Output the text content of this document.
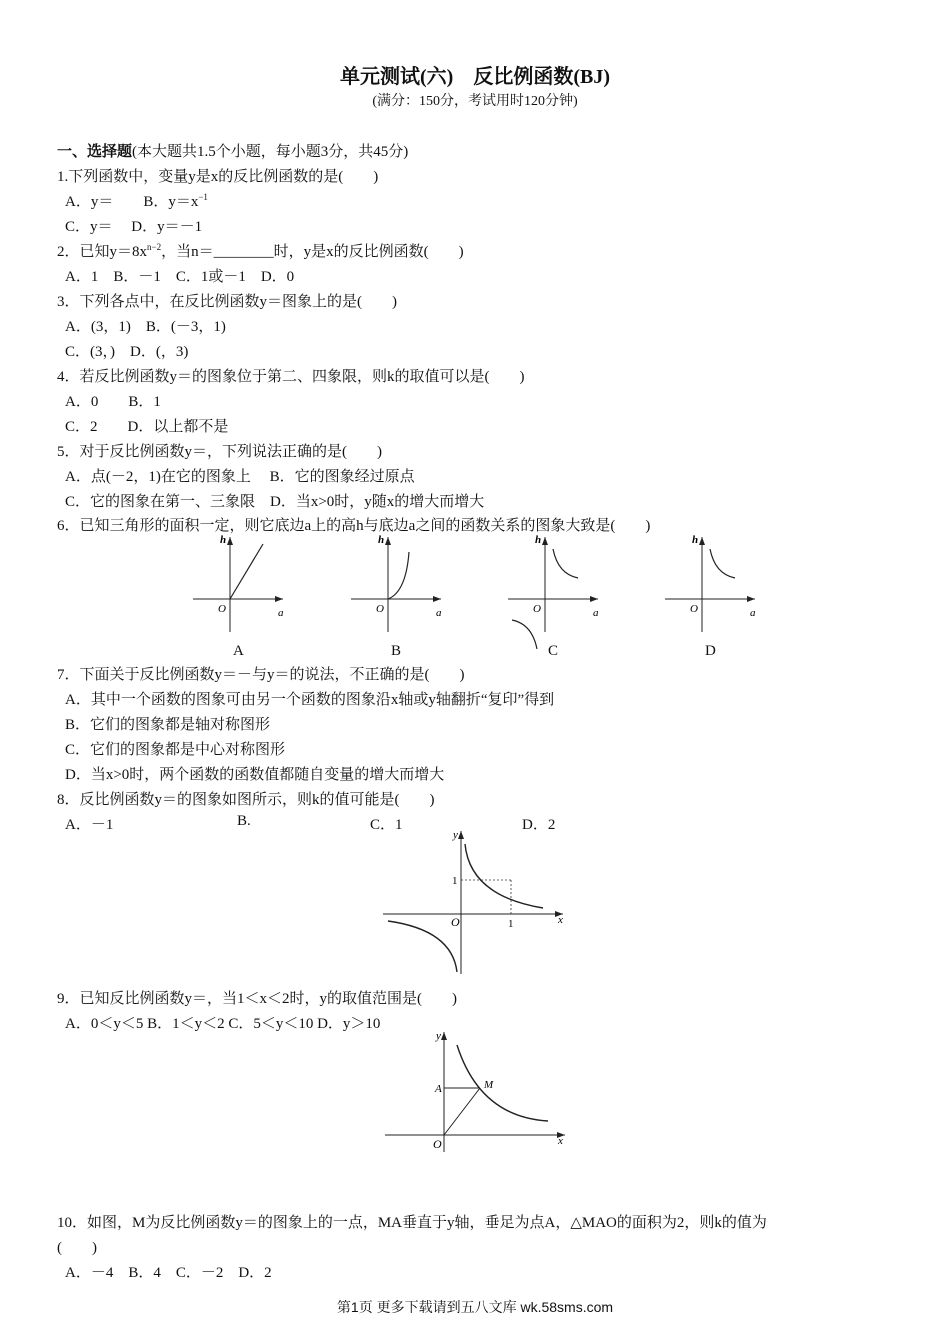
单元测试(六)　反比例函数(BJ)
(满分：150分，考试用时120分钟)
一、选择题(本大题共1.5个小题，每小题3分，共45分)
1.下列函数中，变量y是x的反比例函数的是(　　)
A．y＝　　B．$y=x^{-1}$
C．y＝　 D．y＝－1
2．已知$y=8x^{n-2}$，当n＝________时，y是x的反比例函数(　　)
A．1　B．－1　C．1或－1　D．0
3．下列各点中，在反比例函数y＝图象上的是(　　)
A．(3，1)　B．(－3，1)
C．(3，)　D．(，3)
4．若反比例函数y＝的图象位于第二、四象限，则k的取值可以是(　　)
A．0　　B．1
C．2　　D．以上都不是
5．对于反比例函数y＝，下列说法正确的是(　　)
A．点(－2，1)在它的图象上　 B．它的图象经过原点
C．它的图象在第一、三象限　D．当x>0时，y随x的增大而增大
6．已知三角形的面积一定，则它底边a上的高h与底边a之间的函数关系的图象大致是(　　)
h
a
O
A
h
a
O
B
h
a
O
C
h
a
O
D
7．下面关于反比例函数y＝－与y＝的说法，不正确的是(　　)
A．其中一个函数的图象可由另一个函数的图象沿x轴或y轴翻折“复印”得到
B．它们的图象都是轴对称图形
C．它们的图象都是中心对称图形
D．当x>0时，两个函数的函数值都随自变量的增大而增大
8．反比例函数y＝的图象如图所示，则k的值可能是(　　)
A．－1	B.	C．1	D．2
y
x
O
1
1
9．已知反比例函数y＝，当1＜x＜2时，y的取值范围是(　　)
A．0＜y＜5 B．1＜y＜2 C．5＜y＜10 D．y＞10
y
x
O
A	M
10．如图，M为反比例函数y＝的图象上的一点，MA垂直于y轴，垂足为点A，△MAO的面积为2，则k的值为
(　　)
A．－4　B．4　C．－2　D．2
第1页 更多下载请到五八文库 wk.58sms.com
